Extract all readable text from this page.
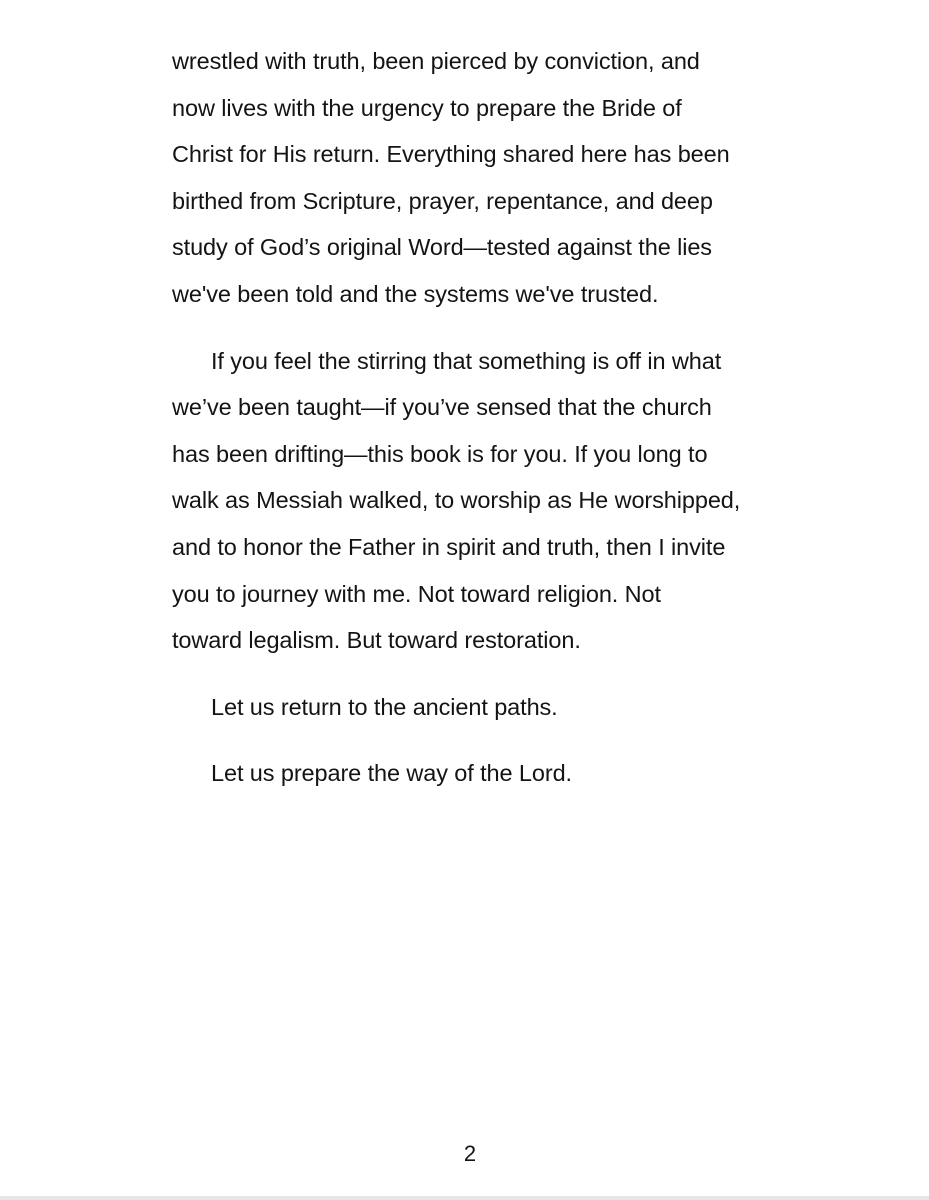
wrestled with truth, been pierced by conviction, and
now lives with the urgency to prepare the Bride of
Christ for His return. Everything shared here has been
birthed from Scripture, prayer, repentance, and deep
study of God’s original Word—tested against the lies
we've been told and the systems we've trusted.
If you feel the stirring that something is off in what
we’ve been taught—if you’ve sensed that the church
has been drifting—this book is for you. If you long to
walk as Messiah walked, to worship as He worshipped,
and to honor the Father in spirit and truth, then I invite
you to journey with me. Not toward religion. Not
toward legalism. But toward restoration.
Let us return to the ancient paths.
Let us prepare the way of the Lord.
2
